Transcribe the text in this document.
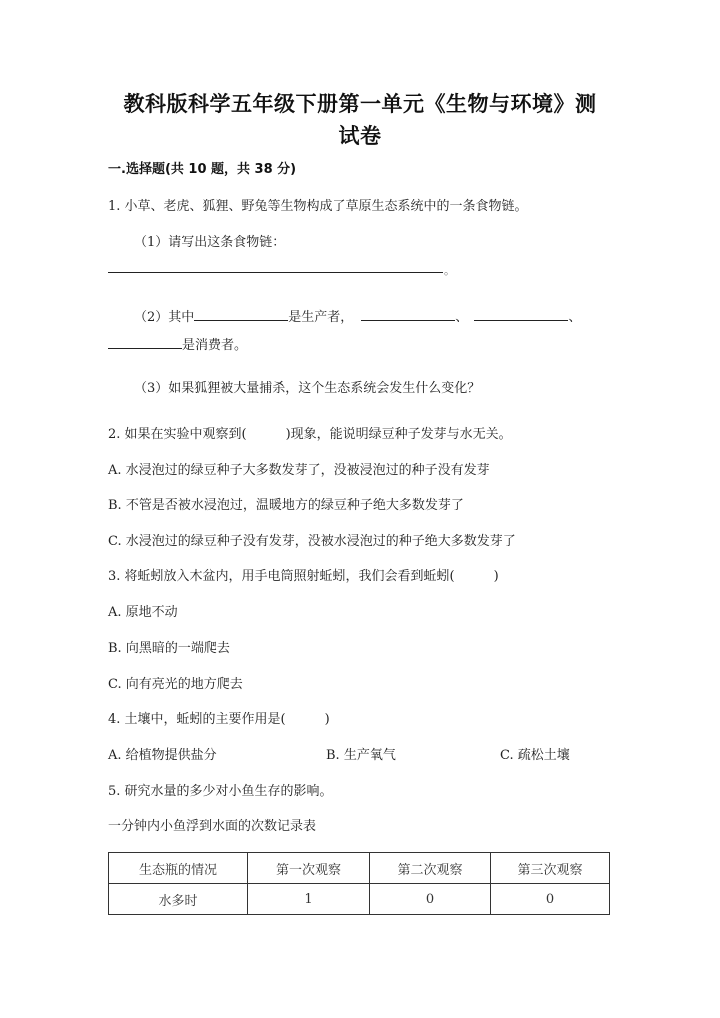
教科版科学五年级下册第一单元《生物与环境》测
试卷
一.选择题(共 10 题，共 38 分)
1. 小草、老虎、狐狸、野兔等生物构成了草原生态系统中的一条食物链。
（1）请写出这条食物链：
。
（2）其中	是生产者，	、	、
是消费者。
（3）如果狐狸被大量捕杀，这个生态系统会发生什么变化？
2. 如果在实验中观察到(　　　)现象，能说明绿豆种子发芽与水无关。
A. 水浸泡过的绿豆种子大多数发芽了，没被浸泡过的种子没有发芽
B. 不管是否被水浸泡过，温暖地方的绿豆种子绝大多数发芽了
C. 水浸泡过的绿豆种子没有发芽，没被水浸泡过的种子绝大多数发芽了
3. 将蚯蚓放入木盆内，用手电筒照射蚯蚓，我们会看到蚯蚓(　　　)
A. 原地不动
B. 向黑暗的一端爬去
C. 向有亮光的地方爬去
4. 土壤中，蚯蚓的主要作用是(　　　)
A. 给植物提供盐分	B. 生产氧气	C. 疏松土壤
5. 研究水量的多少对小鱼生存的影响。
一分钟内小鱼浮到水面的次数记录表
生态瓶的情况	第一次观察	第二次观察	第三次观察
水多时	1	0	0
